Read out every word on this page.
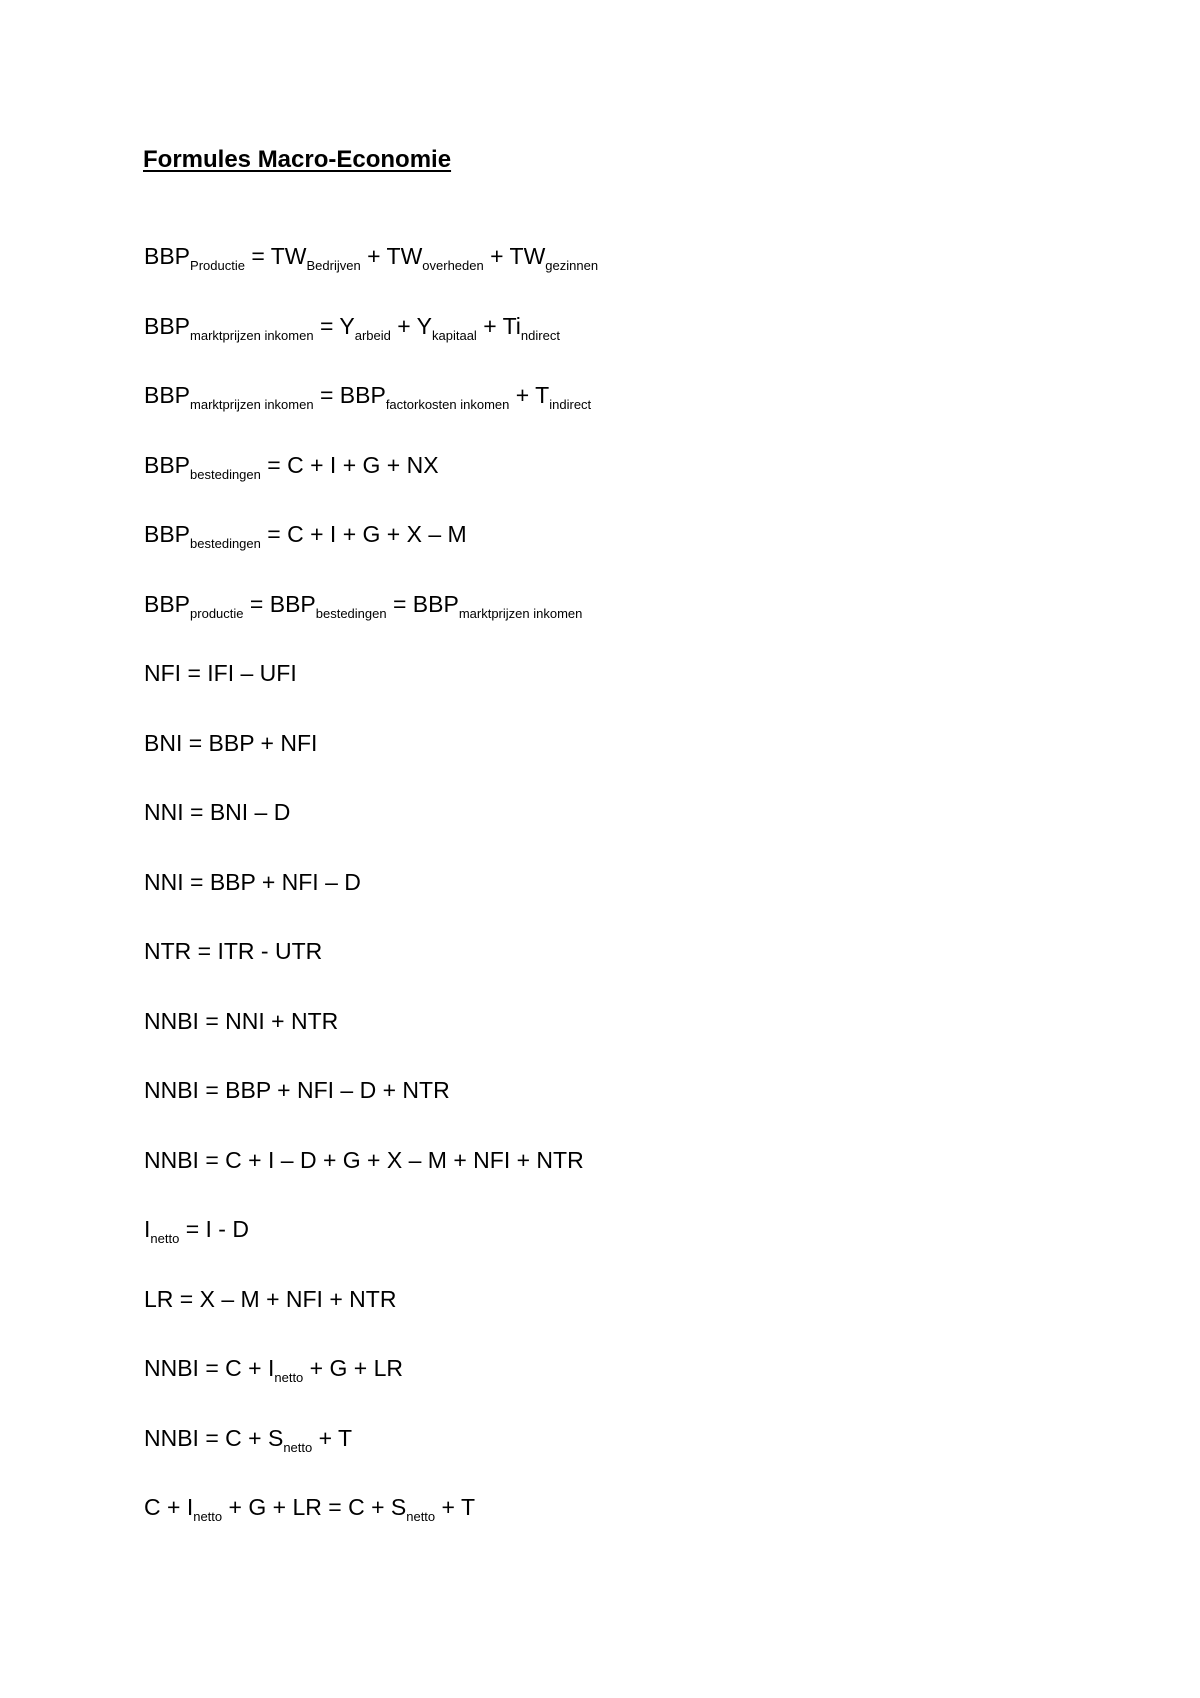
Formules Macro-Economie
$BBP_{Productie} = TW_{Bedrijven} + TW_{overheden} + TW_{gezinnen}$
$BBP_{marktprijzen inkomen} = Y_{arbeid} + Y_{kapitaal} + Ti_{ndirect}$
$BBP_{marktprijzen inkomen} = BBP_{factorkosten inkomen} + T_{indirect}$
$BBP_{bestedingen} = C + I + G$ + NX
$BBP_{bestedingen} = C + I + G + X - M$
$BBP_{productie} = BBP_{bestedingen} = BBP_{marktprijzen inkomen}$
NFI = IFI – UFI
BNI = BBP + NFI
NNI = BNI – D
NNI = BBP + NFI – D
NTR = ITR - UTR
NNBI = NNI + NTR
NNBI = BBP + NFI – D + NTR
NNBI = C + I – D + G + X – M + NFI + NTR
$I_{netto} = I - D$
LR = X – M + NFI + NTR
NNBI = $C + I_{netto} + G$ + LR
NNBI = $C + S_{netto} + T$
$C + I_{netto} + G$ + LR = $C + S_{netto} + T$
